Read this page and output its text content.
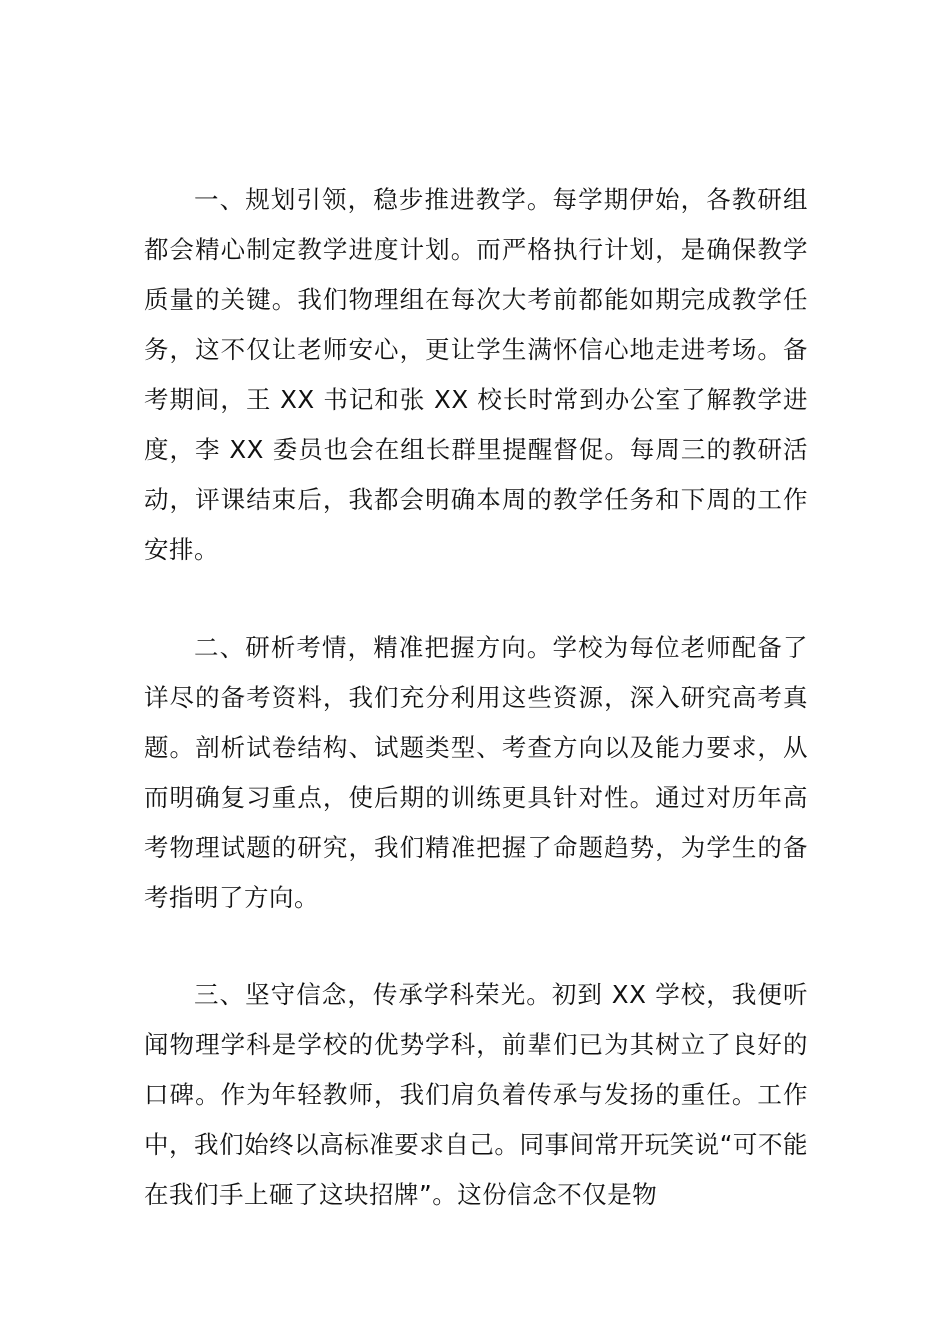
一、规划引领，稳步推进教学。每学期伊始，各教研组都会精心制定教学进度计划。而严格执行计划，是确保教学质量的关键。我们物理组在每次大考前都能如期完成教学任务，这不仅让老师安心，更让学生满怀信心地走进考场。备考期间，王 XX 书记和张 XX 校长时常到办公室了解教学进度，李 XX 委员也会在组长群里提醒督促。每周三的教研活动，评课结束后，我都会明确本周的教学任务和下周的工作安排。

二、研析考情，精准把握方向。学校为每位老师配备了详尽的备考资料，我们充分利用这些资源，深入研究高考真题。剖析试卷结构、试题类型、考查方向以及能力要求，从而明确复习重点，使后期的训练更具针对性。通过对历年高考物理试题的研究，我们精准把握了命题趋势，为学生的备考指明了方向。

三、坚守信念，传承学科荣光。初到 XX 学校，我便听闻物理学科是学校的优势学科，前辈们已为其树立了良好的口碑。作为年轻教师，我们肩负着传承与发扬的重任。工作中，我们始终以高标准要求自己。同事间常开玩笑说“可不能在我们手上砸了这块招牌”。这份信念不仅是物
